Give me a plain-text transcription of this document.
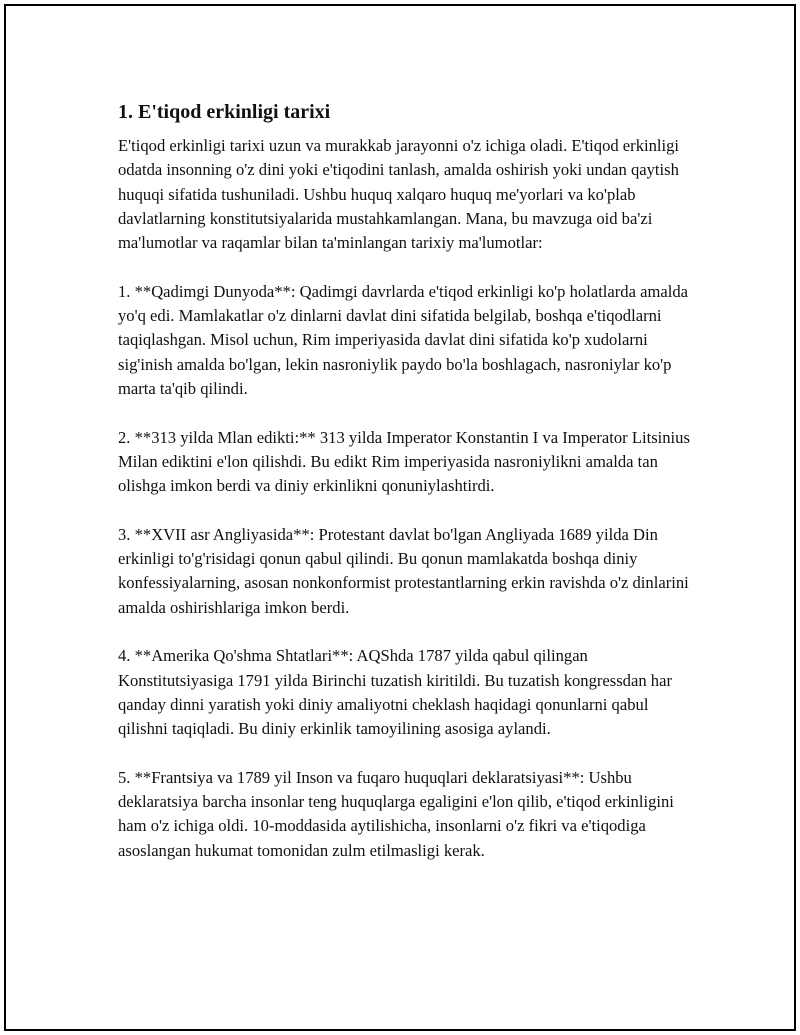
1. E'tiqod erkinligi tarixi

E'tiqod erkinligi tarixi uzun va murakkab jarayonni o'z ichiga oladi. E'tiqod erkinligi odatda insonning o'z dini yoki e'tiqodini tanlash, amalda oshirish yoki undan qaytish huquqi sifatida tushuniladi. Ushbu huquq xalqaro huquq me'yorlari va ko'plab davlatlarning konstitutsiyalarida mustahkamlangan. Mana, bu mavzuga oid ba'zi ma'lumotlar va raqamlar bilan ta'minlangan tarixiy ma'lumotlar:

1. **Qadimgi Dunyoda**: Qadimgi davrlarda e'tiqod erkinligi ko'p holatlarda amalda yo'q edi. Mamlakatlar o'z dinlarni davlat dini sifatida belgilab, boshqa e'tiqodlarni taqiqlashgan. Misol uchun, Rim imperiyasida davlat dini sifatida ko'p xudolarni sig'inish amalda bo'lgan, lekin nasroniylik paydo bo'la boshlagach, nasroniylar ko'p marta ta'qib qilindi.

2. **313 yilda Mlan edikti:** 313 yilda Imperator Konstantin I va Imperator Litsinius Milan ediktini e'lon qilishdi. Bu edikt Rim imperiyasida nasroniylikni amalda tan olishga imkon berdi va diniy erkinlikni qonuniylashtirdi.

3. **XVII asr Angliyasida**: Protestant davlat bo'lgan Angliyada 1689 yilda Din erkinligi to'g'risidagi qonun qabul qilindi. Bu qonun mamlakatda boshqa diniy konfessiyalarning, asosan nonkonformist protestantlarning erkin ravishda o'z dinlarini amalda oshirishlariga imkon berdi.

4. **Amerika Qo'shma Shtatlari**: AQShda 1787 yilda qabul qilingan Konstitutsiyasiga 1791 yilda Birinchi tuzatish kiritildi. Bu tuzatish kongressdan har qanday dinni yaratish yoki diniy amaliyotni cheklash haqidagi qonunlarni qabul qilishni taqiqladi. Bu diniy erkinlik tamoyilining asosiga aylandi.

5. **Frantsiya va 1789 yil Inson va fuqaro huquqlari deklaratsiyasi**: Ushbu deklaratsiya barcha insonlar teng huquqlarga egaligini e'lon qilib, e'tiqod erkinligini ham o'z ichiga oldi. 10-moddasida aytilishicha, insonlarni o'z fikri va e'tiqodiga asoslangan hukumat tomonidan zulm etilmasligi kerak.
